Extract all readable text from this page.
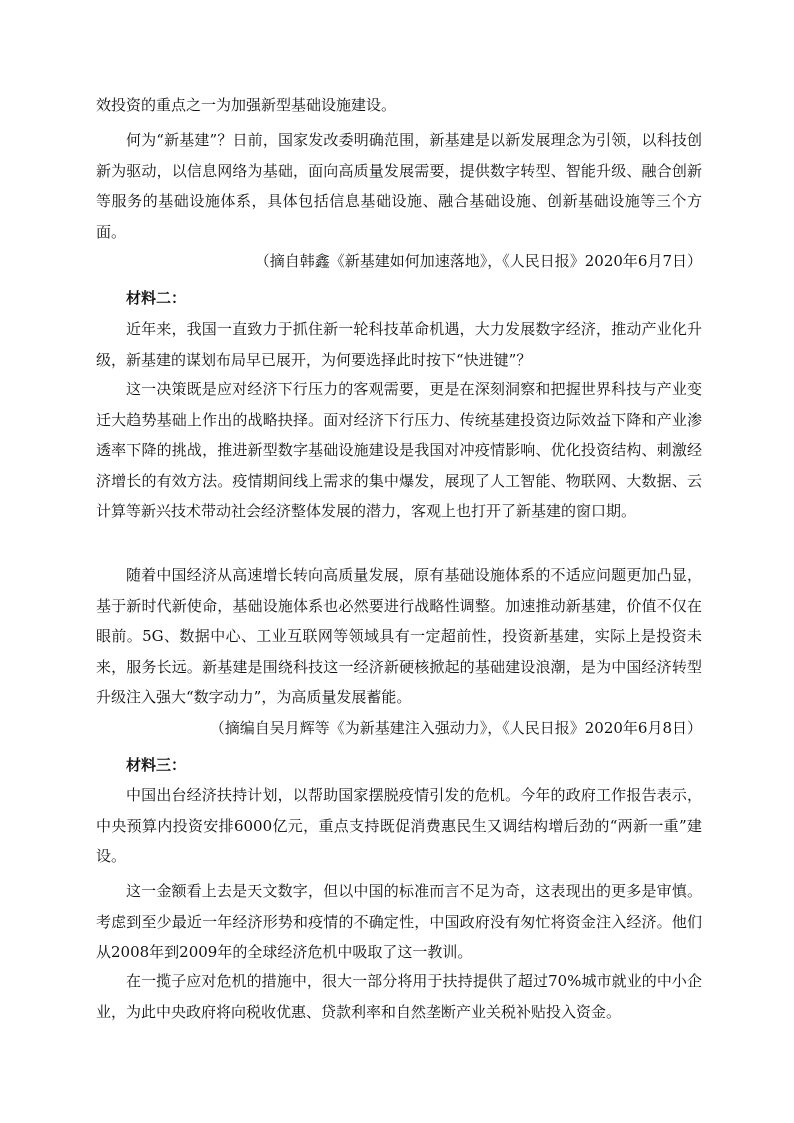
效投资的重点之一为加强新型基础设施建设。
何为“新基建”？日前，国家发改委明确范围，新基建是以新发展理念为引领，以科技创新为驱动，以信息网络为基础，面向高质量发展需要，提供数字转型、智能升级、融合创新等服务的基础设施体系，具体包括信息基础设施、融合基础设施、创新基础设施等三个方面。
（摘自韩鑫《新基建如何加速落地》，《人民日报》2020年6月7日）
材料二：
近年来，我国一直致力于抓住新一轮科技革命机遇，大力发展数字经济，推动产业化升级，新基建的谋划布局早已展开，为何要选择此时按下“快进键”？
这一决策既是应对经济下行压力的客观需要，更是在深刻洞察和把握世界科技与产业变迁大趋势基础上作出的战略抉择。面对经济下行压力、传统基建投资边际效益下降和产业渗透率下降的挑战，推进新型数字基础设施建设是我国对冲疫情影响、优化投资结构、刺激经济增长的有效方法。疫情期间线上需求的集中爆发，展现了人工智能、物联网、大数据、云计算等新兴技术带动社会经济整体发展的潜力，客观上也打开了新基建的窗口期。
随着中国经济从高速增长转向高质量发展，原有基础设施体系的不适应问题更加凸显，基于新时代新使命，基础设施体系也必然要进行战略性调整。加速推动新基建，价值不仅在眼前。5G、数据中心、工业互联网等领域具有一定超前性，投资新基建，实际上是投资未来，服务长远。新基建是围绕科技这一经济新硬核掀起的基础建设浪潮，是为中国经济转型升级注入强大“数字动力”，为高质量发展蓄能。
（摘编自吴月辉等《为新基建注入强动力》，《人民日报》2020年6月8日）
材料三：
中国出台经济扶持计划，以帮助国家摆脱疫情引发的危机。今年的政府工作报告表示，中央预算内投资安排6000亿元，重点支持既促消费惠民生又调结构增后劲的“两新一重”建设。
这一金额看上去是天文数字，但以中国的标准而言不足为奇，这表现出的更多是审慎。考虑到至少最近一年经济形势和疫情的不确定性，中国政府没有匆忙将资金注入经济。他们从2008年到2009年的全球经济危机中吸取了这一教训。
在一揽子应对危机的措施中，很大一部分将用于扶持提供了超过70%城市就业的中小企业，为此中央政府将向税收优惠、贷款利率和自然垄断产业关税补贴投入资金。
